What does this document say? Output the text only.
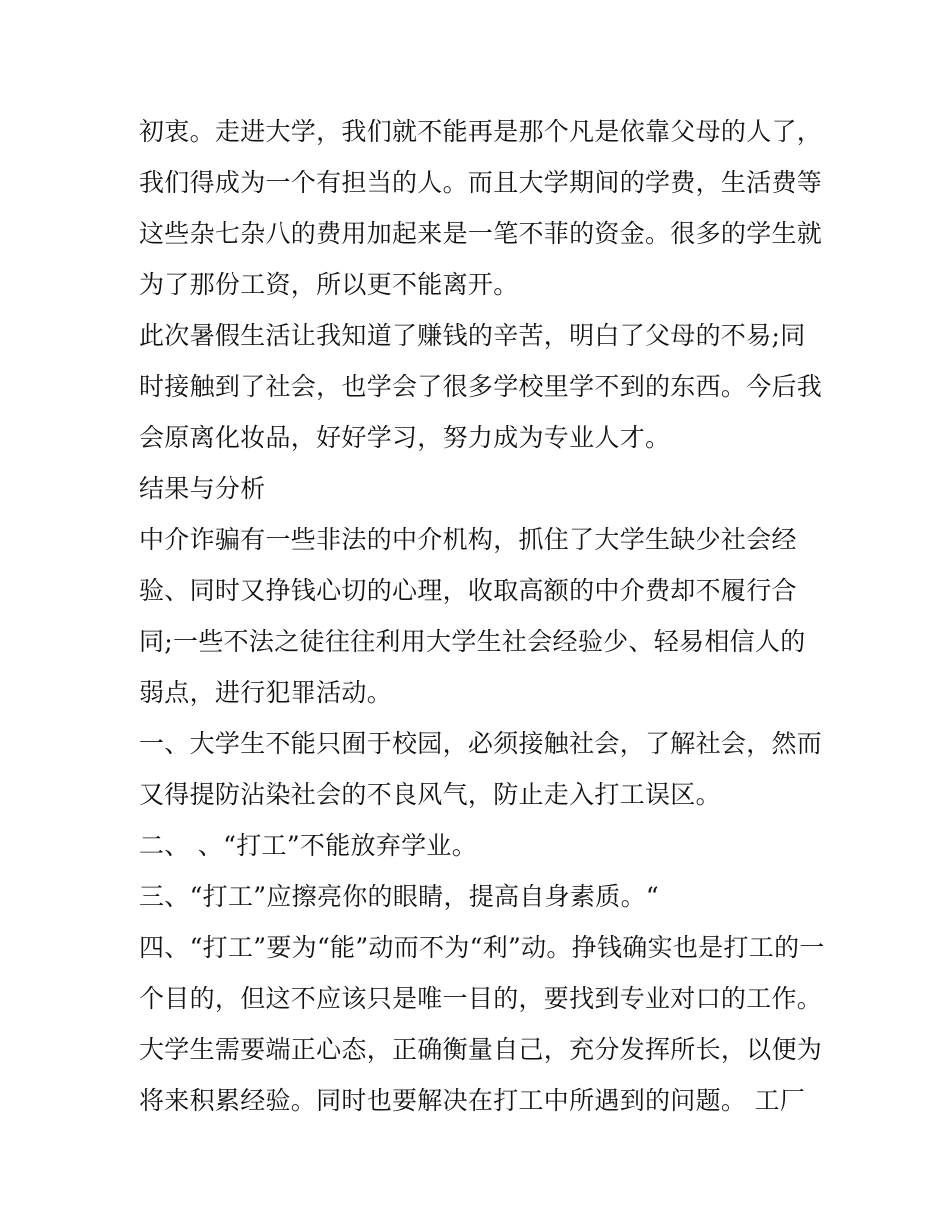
初衷。走进大学，我们就不能再是那个凡是依靠父母的人了，
我们得成为一个有担当的人。而且大学期间的学费，生活费等
这些杂七杂八的费用加起来是一笔不菲的资金。很多的学生就
为了那份工资，所以更不能离开。
此次暑假生活让我知道了赚钱的辛苦，明白了父母的不易;同
时接触到了社会，也学会了很多学校里学不到的东西。今后我
会原离化妆品，好好学习，努力成为专业人才。
结果与分析
中介诈骗有一些非法的中介机构，抓住了大学生缺少社会经
验、同时又挣钱心切的心理，收取高额的中介费却不履行合
同;一些不法之徒往往利用大学生社会经验少、轻易相信人的
弱点，进行犯罪活动。
一、大学生不能只囿于校园，必须接触社会，了解社会，然而
又得提防沾染社会的不良风气，防止走入打工误区。
二、 、“打工”不能放弃学业。
三、“打工”应擦亮你的眼睛，提高自身素质。“
四、“打工”要为“能”动而不为“利”动。挣钱确实也是打工的一
个目的，但这不应该只是唯一目的，要找到专业对口的工作。
大学生需要端正心态，正确衡量自己，充分发挥所长，以便为
将来积累经验。同时也要解决在打工中所遇到的问题。 工厂
